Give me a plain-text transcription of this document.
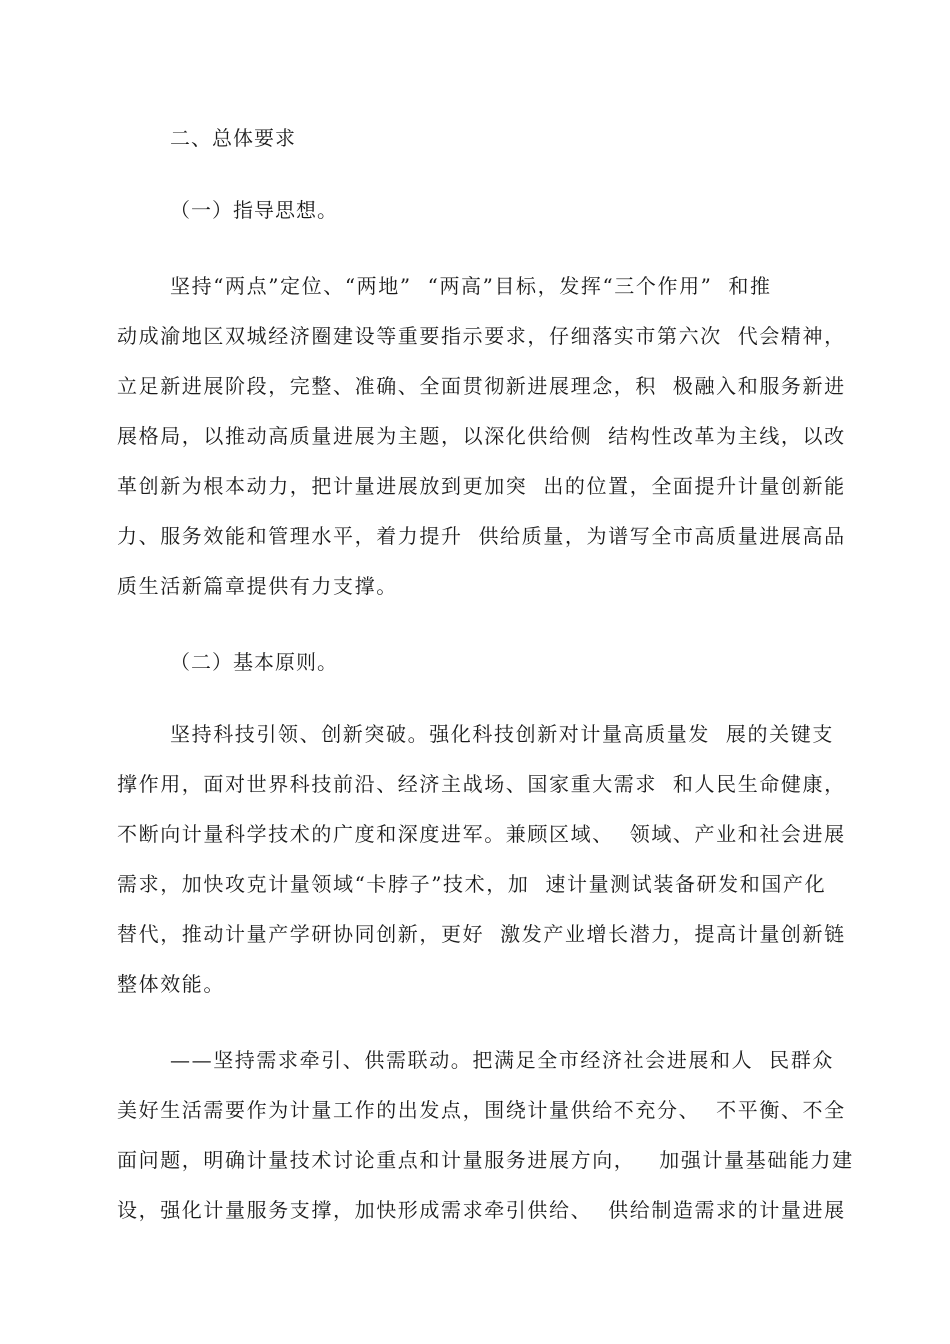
二、总体要求
（一）指导思想。
坚持“两点”定位、“两地”  “两高”目标，发挥“三个作用”  和推
动成渝地区双城经济圈建设等重要指示要求，仔细落实市第六次  代会精神，
立足新进展阶段，完整、准确、全面贯彻新进展理念，积  极融入和服务新进
展格局，以推动高质量进展为主题，以深化供给侧  结构性改革为主线，以改
革创新为根本动力，把计量进展放到更加突  出的位置，全面提升计量创新能
力、服务效能和管理水平，着力提升  供给质量，为谱写全市高质量进展高品
质生活新篇章提供有力支撑。
（二）基本原则。
坚持科技引领、创新突破。强化科技创新对计量高质量发  展的关键支
撑作用，面对世界科技前沿、经济主战场、国家重大需求  和人民生命健康，
不断向计量科学技术的广度和深度进军。兼顾区域、  领域、产业和社会进展
需求，加快攻克计量领域“卡脖子”技术，加  速计量测试装备研发和国产化
替代，推动计量产学研协同创新，更好  激发产业增长潜力，提高计量创新链
整体效能。
——坚持需求牵引、供需联动。把满足全市经济社会进展和人  民群众
美好生活需要作为计量工作的出发点，围绕计量供给不充分、  不平衡、不全
面问题，明确计量技术讨论重点和计量服务进展方向，   加强计量基础能力建
设，强化计量服务支撑，加快形成需求牵引供给、  供给制造需求的计量进展
